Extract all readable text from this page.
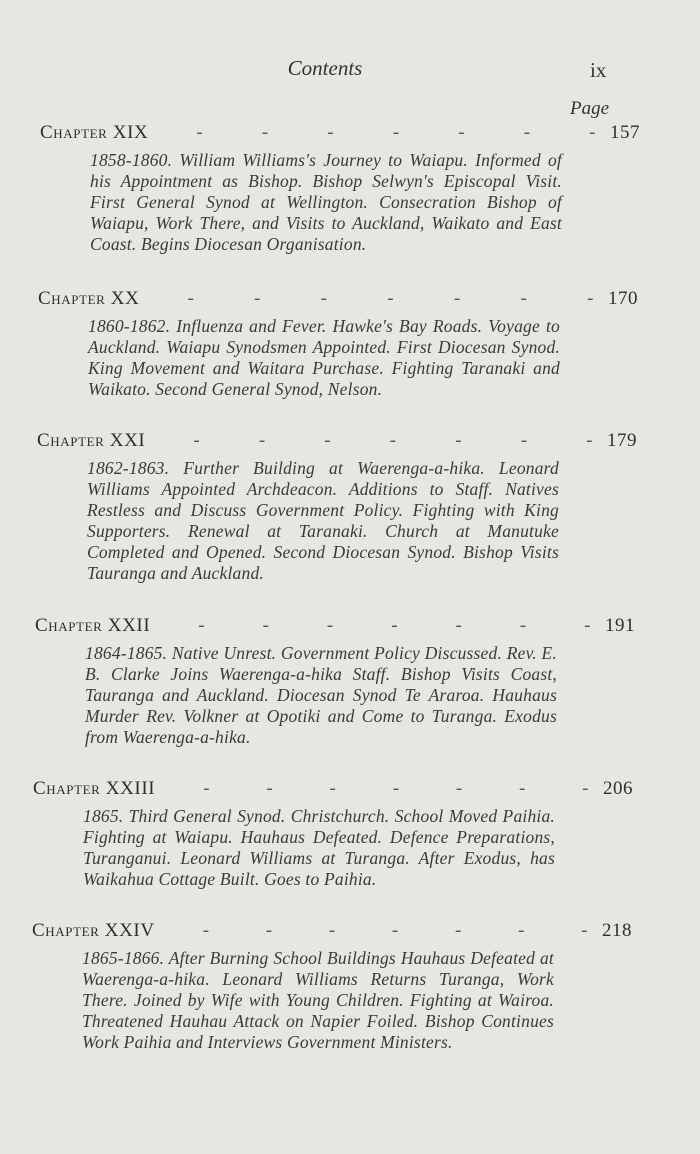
Contents	ix
Page
Chapter XIX	-	-	-	-	-	-	- 157
1858-1860. William Williams's Journey to Waiapu. Informed of his Appointment as Bishop. Bishop Selwyn's Episcopal Visit. First General Synod at Wellington. Consecration Bishop of Waiapu, Work There, and Visits to Auckland, Waikato and East Coast. Begins Diocesan Organisation.
Chapter XX	-	-	-	-	-	-	- 170
1860-1862. Influenza and Fever. Hawke's Bay Roads. Voyage to Auckland. Waiapu Synodsmen Appointed. First Diocesan Synod. King Movement and Waitara Purchase. Fighting Taranaki and Waikato. Second General Synod, Nelson.
Chapter XXI	-	-	-	-	-	-	- 179
1862-1863. Further Building at Waerenga-a-hika. Leonard Williams Appointed Archdeacon. Additions to Staff. Natives Restless and Discuss Government Policy. Fighting with King Supporters. Renewal at Taranaki. Church at Manutuke Completed and Opened. Second Diocesan Synod. Bishop Visits Tauranga and Auckland.
Chapter XXII	-	-	-	-	-	-	- 191
1864-1865. Native Unrest. Government Policy Discussed. Rev. E. B. Clarke Joins Waerenga-a-hika Staff. Bishop Visits Coast, Tauranga and Auckland. Diocesan Synod Te Araroa. Hauhaus Murder Rev. Volkner at Opotiki and Come to Turanga. Exodus from Waerenga-a-hika.
Chapter XXIII	-	-	-	-	-	-	- 206
1865. Third General Synod. Christchurch. School Moved Paihia. Fighting at Waiapu. Hauhaus Defeated. Defence Preparations, Turanganui. Leonard Williams at Turanga. After Exodus, has Waikahua Cottage Built. Goes to Paihia.
Chapter XXIV	-	-	-	-	-	-	- 218
1865-1866. After Burning School Buildings Hauhaus Defeated at Waerenga-a-hika. Leonard Williams Returns Turanga, Work There. Joined by Wife with Young Children. Fighting at Wairoa. Threatened Hauhau Attack on Napier Foiled. Bishop Continues Work Paihia and Interviews Government Ministers.
